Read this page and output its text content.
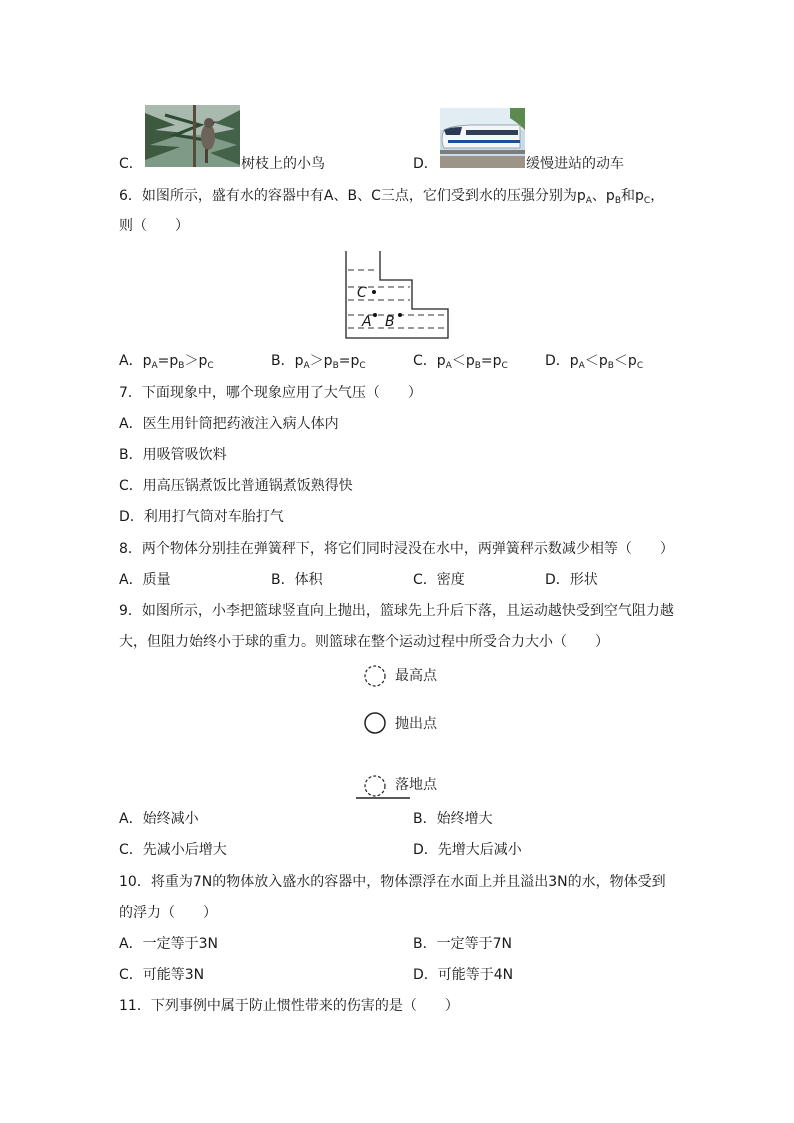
C．	树枝上的小鸟	D．	缓慢进站的动车
6．如图所示，盛有水的容器中有A、B、C三点，它们受到水的压强分别为$p_A$、$p_B$和$p_C$，
则（　　）
C
A B
A．$p_A=p_B>p_C$	B．$p_A>p_B=p_C$	C．$p_A<p_B=p_C$	D．$p_A<p_B<p_C$
7．下面现象中，哪个现象应用了大气压（　　）
A．医生用针筒把药液注入病人体内
B．用吸管吸饮料
C．用高压锅煮饭比普通锅煮饭熟得快
D．利用打气筒对车胎打气
8．两个物体分别挂在弹簧秤下，将它们同时浸没在水中，两弹簧秤示数减少相等（　　）
A．质量	B．体积	C．密度	D．形状
9．如图所示，小李把篮球竖直向上抛出，篮球先上升后下落，且运动越快受到空气阻力越
大，但阻力始终小于球的重力。则篮球在整个运动过程中所受合力大小（　　）
最高点
抛出点
落地点
A．始终减小	B．始终增大
C．先减小后增大	D．先增大后减小
10．将重为7N的物体放入盛水的容器中，物体漂浮在水面上并且溢出3N的水，物体受到
的浮力（　　）
A．一定等于3N	B．一定等于7N
C．可能等3N	D．可能等于4N
11．下列事例中属于防止惯性带来的伤害的是（　　）
